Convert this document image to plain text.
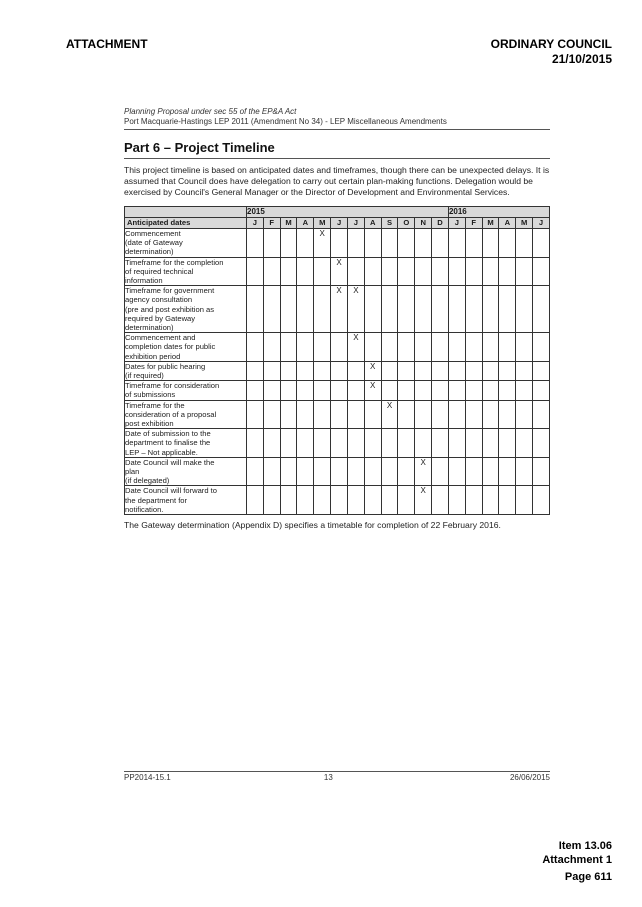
ATTACHMENT	ORDINARY COUNCIL
21/10/2015
Planning Proposal under sec 55 of the EP&A Act
Port Macquarie-Hastings LEP 2011 (Amendment No 34) - LEP Miscellaneous Amendments
Part 6 – Project Timeline
This project timeline is based on anticipated dates and timeframes, though there can be unexpected delays. It is assumed that Council does have delegation to carry out certain plan-making functions. Delegation would be exercised by Council's General Manager or the Director of Development and Environmental Services.
	2015												2016					
Anticipated dates	J	F	M	A	M	J	J	A	S	O	N	D	J	F	M	A	M	J

Commencement
(date of Gateway
determination)					X													

Timeframe for the completion
of required technical
information						X												

Timeframe for government
agency consultation
(pre and post exhibition as
required by Gateway
determination)						X	X											

Commencement and
completion dates for public
exhibition period							X											

Dates for public hearing
(if required)								X										

Timeframe for consideration
of submissions								X										

Timeframe for the
consideration of a proposal
post exhibition									X									

Date of submission to the
department to finalise the
LEP – Not applicable.																		

Date Council will make the
plan
(if delegated)											X							

Date Council will forward to
the department for
notification.											X							
The Gateway determination (Appendix D) specifies a timetable for completion of 22 February 2016.
PP2014-15.1	13	26/06/2015
Item 13.06
Attachment 1
Page 611
